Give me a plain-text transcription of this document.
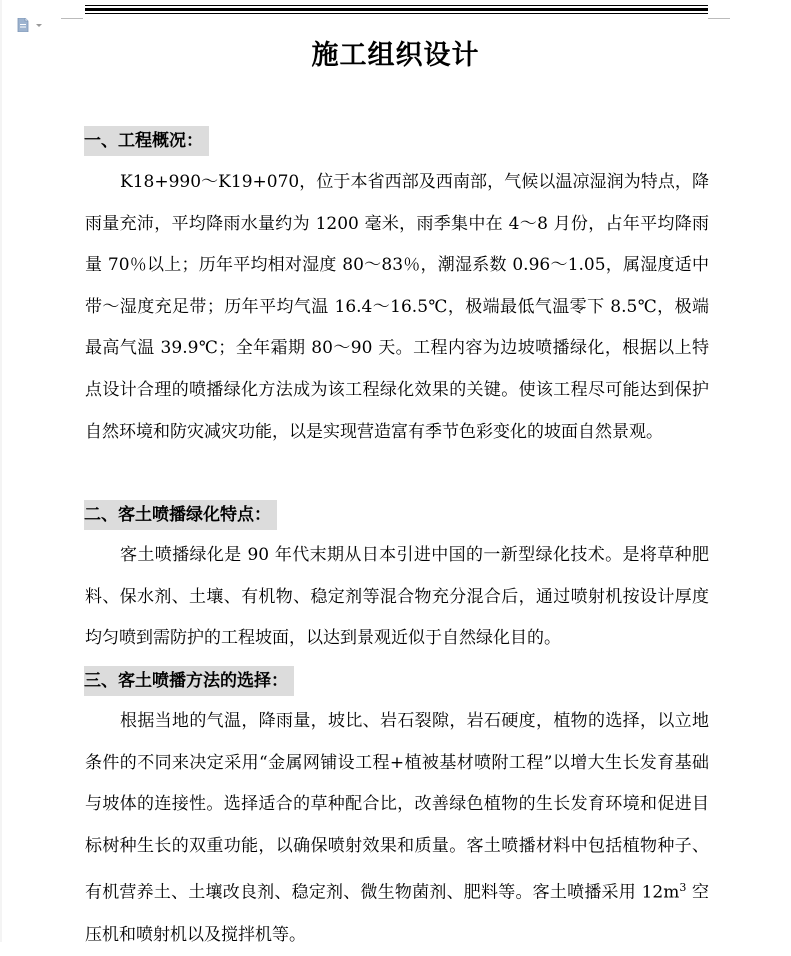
施工组织设计
一、工程概况：

K18+990～K19+070，位于本省西部及西南部，气候以温凉湿润为特点，降雨量充沛，平均降雨水量约为 1200 毫米，雨季集中在 4～8 月份，占年平均降雨量 70％以上；历年平均相对湿度 80～83％，潮湿系数 0.96～1.05，属湿度适中带～湿度充足带；历年平均气温 16.4～16.5℃，极端最低气温零下 8.5℃，极端最高气温 39.9℃；全年霜期 80～90 天。工程内容为边坡喷播绿化，根据以上特点设计合理的喷播绿化方法成为该工程绿化效果的关键。使该工程尽可能达到保护自然环境和防灾减灾功能，以是实现营造富有季节色彩变化的坡面自然景观。

二、客土喷播绿化特点：

客土喷播绿化是 90 年代末期从日本引进中国的一新型绿化技术。是将草种肥料、保水剂、土壤、有机物、稳定剂等混合物充分混合后，通过喷射机按设计厚度均匀喷到需防护的工程坡面，以达到景观近似于自然绿化目的。

三、客土喷播方法的选择：

根据当地的气温，降雨量，坡比、岩石裂隙，岩石硬度，植物的选择，以立地条件的不同来决定采用“金属网铺设工程+植被基材喷附工程”以增大生长发育基础与坡体的连接性。选择适合的草种配合比，改善绿色植物的生长发育环境和促进目标树种生长的双重功能，以确保喷射效果和质量。客土喷播材料中包括植物种子、有机营养土、土壤改良剂、稳定剂、微生物菌剂、肥料等。客土喷播采用 $12m^3$ 空压机和喷射机以及搅拌机等。
